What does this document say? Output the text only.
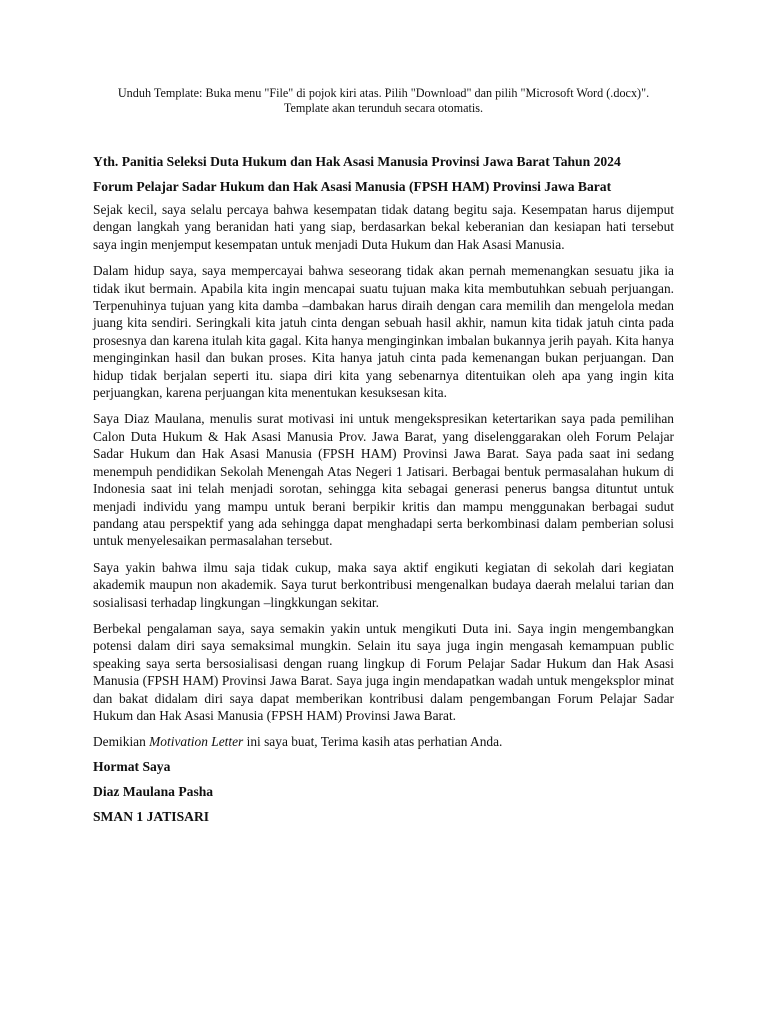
Unduh Template: Buka menu "File" di pojok kiri atas. Pilih "Download" dan pilih "Microsoft Word (.docx)".
Template akan terunduh secara otomatis.
Yth. Panitia Seleksi Duta Hukum dan Hak Asasi Manusia Provinsi Jawa Barat Tahun 2024
Forum Pelajar Sadar Hukum dan Hak Asasi Manusia (FPSH HAM) Provinsi Jawa Barat

Sejak kecil, saya selalu percaya bahwa kesempatan tidak datang begitu saja. Kesempatan harus dijemput dengan langkah yang beranidan hati yang siap, berdasarkan bekal keberanian dan kesiapan hati tersebut saya ingin menjemput kesempatan untuk menjadi Duta Hukum dan Hak Asasi Manusia.

Dalam hidup saya, saya mempercayai bahwa seseorang tidak akan pernah memenangkan sesuatu jika ia tidak ikut bermain. Apabila kita ingin mencapai suatu tujuan maka kita membutuhkan sebuah perjuangan. Terpenuhinya tujuan yang kita damba –dambakan harus diraih dengan cara memilih dan mengelola medan juang kita sendiri. Seringkali kita jatuh cinta dengan sebuah hasil akhir, namun kita tidak jatuh cinta pada prosesnya dan karena itulah kita gagal. Kita hanya menginginkan imbalan bukannya jerih payah. Kita hanya menginginkan hasil dan bukan proses. Kita hanya jatuh cinta pada kemenangan bukan perjuangan. Dan hidup tidak berjalan seperti itu. siapa diri kita yang sebenarnya ditentuikan oleh apa yang ingin kita perjuangkan, karena perjuangan kita menentukan kesuksesan kita.

Saya Diaz Maulana, menulis surat motivasi ini untuk mengekspresikan ketertarikan saya pada pemilihan Calon Duta Hukum & Hak Asasi Manusia Prov. Jawa Barat, yang diselenggarakan oleh Forum Pelajar Sadar Hukum dan Hak Asasi Manusia (FPSH HAM) Provinsi Jawa Barat. Saya pada saat ini sedang menempuh pendidikan Sekolah Menengah Atas Negeri 1 Jatisari. Berbagai bentuk permasalahan hukum di Indonesia saat ini telah menjadi sorotan, sehingga kita sebagai generasi penerus bangsa dituntut untuk menjadi individu yang mampu untuk berani berpikir kritis dan mampu menggunakan berbagai sudut pandang atau perspektif yang ada sehingga dapat menghadapi serta berkombinasi dalam pemberian solusi untuk menyelesaikan permasalahan tersebut.

Saya yakin bahwa ilmu saja tidak cukup, maka saya aktif engikuti kegiatan di sekolah dari kegiatan akademik maupun non akademik. Saya turut berkontribusi mengenalkan budaya daerah melalui tarian dan sosialisasi terhadap lingkungan –lingkkungan sekitar.

Berbekal pengalaman saya, saya semakin yakin untuk mengikuti Duta ini. Saya ingin mengembangkan potensi dalam diri saya semaksimal mungkin. Selain itu saya juga ingin mengasah kemampuan public speaking saya serta bersosialisasi dengan ruang lingkup di Forum Pelajar Sadar Hukum dan Hak Asasi Manusia (FPSH HAM) Provinsi Jawa Barat. Saya juga ingin mendapatkan wadah untuk mengeksplor minat dan bakat didalam diri saya dapat memberikan kontribusi dalam pengembangan Forum Pelajar Sadar Hukum dan Hak Asasi Manusia (FPSH HAM) Provinsi Jawa Barat.

Demikian Motivation Letter ini saya buat, Terima kasih atas perhatian Anda.
Hormat Saya
Diaz Maulana Pasha
SMAN 1 JATISARI
